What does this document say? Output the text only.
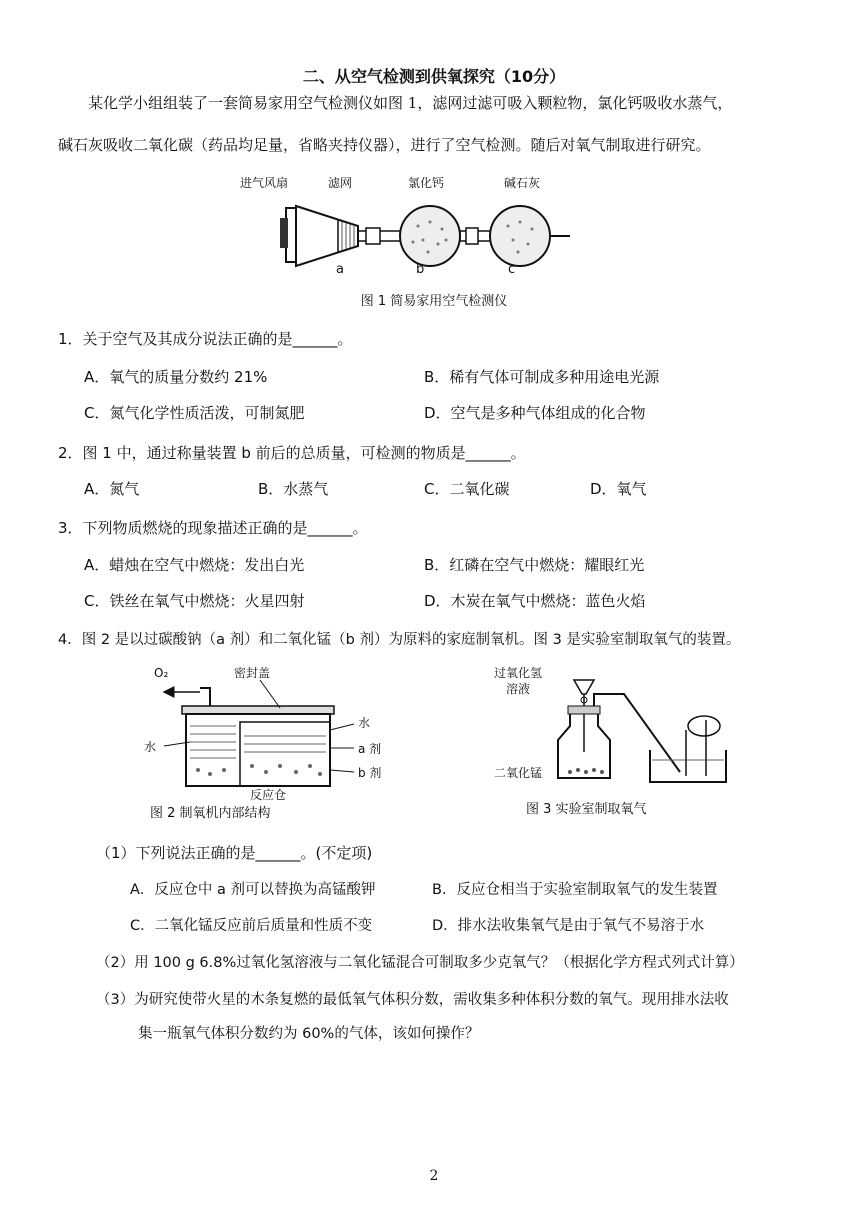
二、从空气检测到供氧探究（10分）
某化学小组组装了一套简易家用空气检测仪如图 1，滤网过滤可吸入颗粒物，氯化钙吸收水蒸气，
碱石灰吸收二氧化碳（药品均足量，省略夹持仪器），进行了空气检测。随后对氧气制取进行研究。
进气风扇	滤网	氯化钙	碱石灰
a	b	c
图 1 简易家用空气检测仪
1．关于空气及其成分说法正确的是______。
A．氧气的质量分数约 21%	B．稀有气体可制成多种用途电光源
C．氮气化学性质活泼，可制氮肥	D．空气是多种气体组成的化合物
2．图 1 中，通过称量装置 b 前后的总质量，可检测的物质是______。
A．氮气	B．水蒸气	C．二氧化碳	D．氧气
3．下列物质燃烧的现象描述正确的是______。
A．蜡烛在空气中燃烧：发出白光	B．红磷在空气中燃烧：耀眼红光
C．铁丝在氧气中燃烧：火星四射	D．木炭在氧气中燃烧：蓝色火焰
4．图 2 是以过碳酸钠（a 剂）和二氧化锰（b 剂）为原料的家庭制氧机。图 3 是实验室制取氧气的装置。
O₂	密封盖
水
水
a 剂
b 剂
反应仓
图 2 制氧机内部结构
过氧化氢
溶液
二氧化锰
图 3 实验室制取氧气
（1）下列说法正确的是______。(不定项)
A．反应仓中 a 剂可以替换为高锰酸钾	B．反应仓相当于实验室制取氧气的发生装置
C．二氧化锰反应前后质量和性质不变	D．排水法收集氧气是由于氧气不易溶于水
（2）用 100 g 6.8%过氧化氢溶液与二氧化锰混合可制取多少克氧气？（根据化学方程式列式计算）
（3）为研究使带火星的木条复燃的最低氧气体积分数，需收集多种体积分数的氧气。现用排水法收
集一瓶氧气体积分数约为 60%的气体，该如何操作？
2
